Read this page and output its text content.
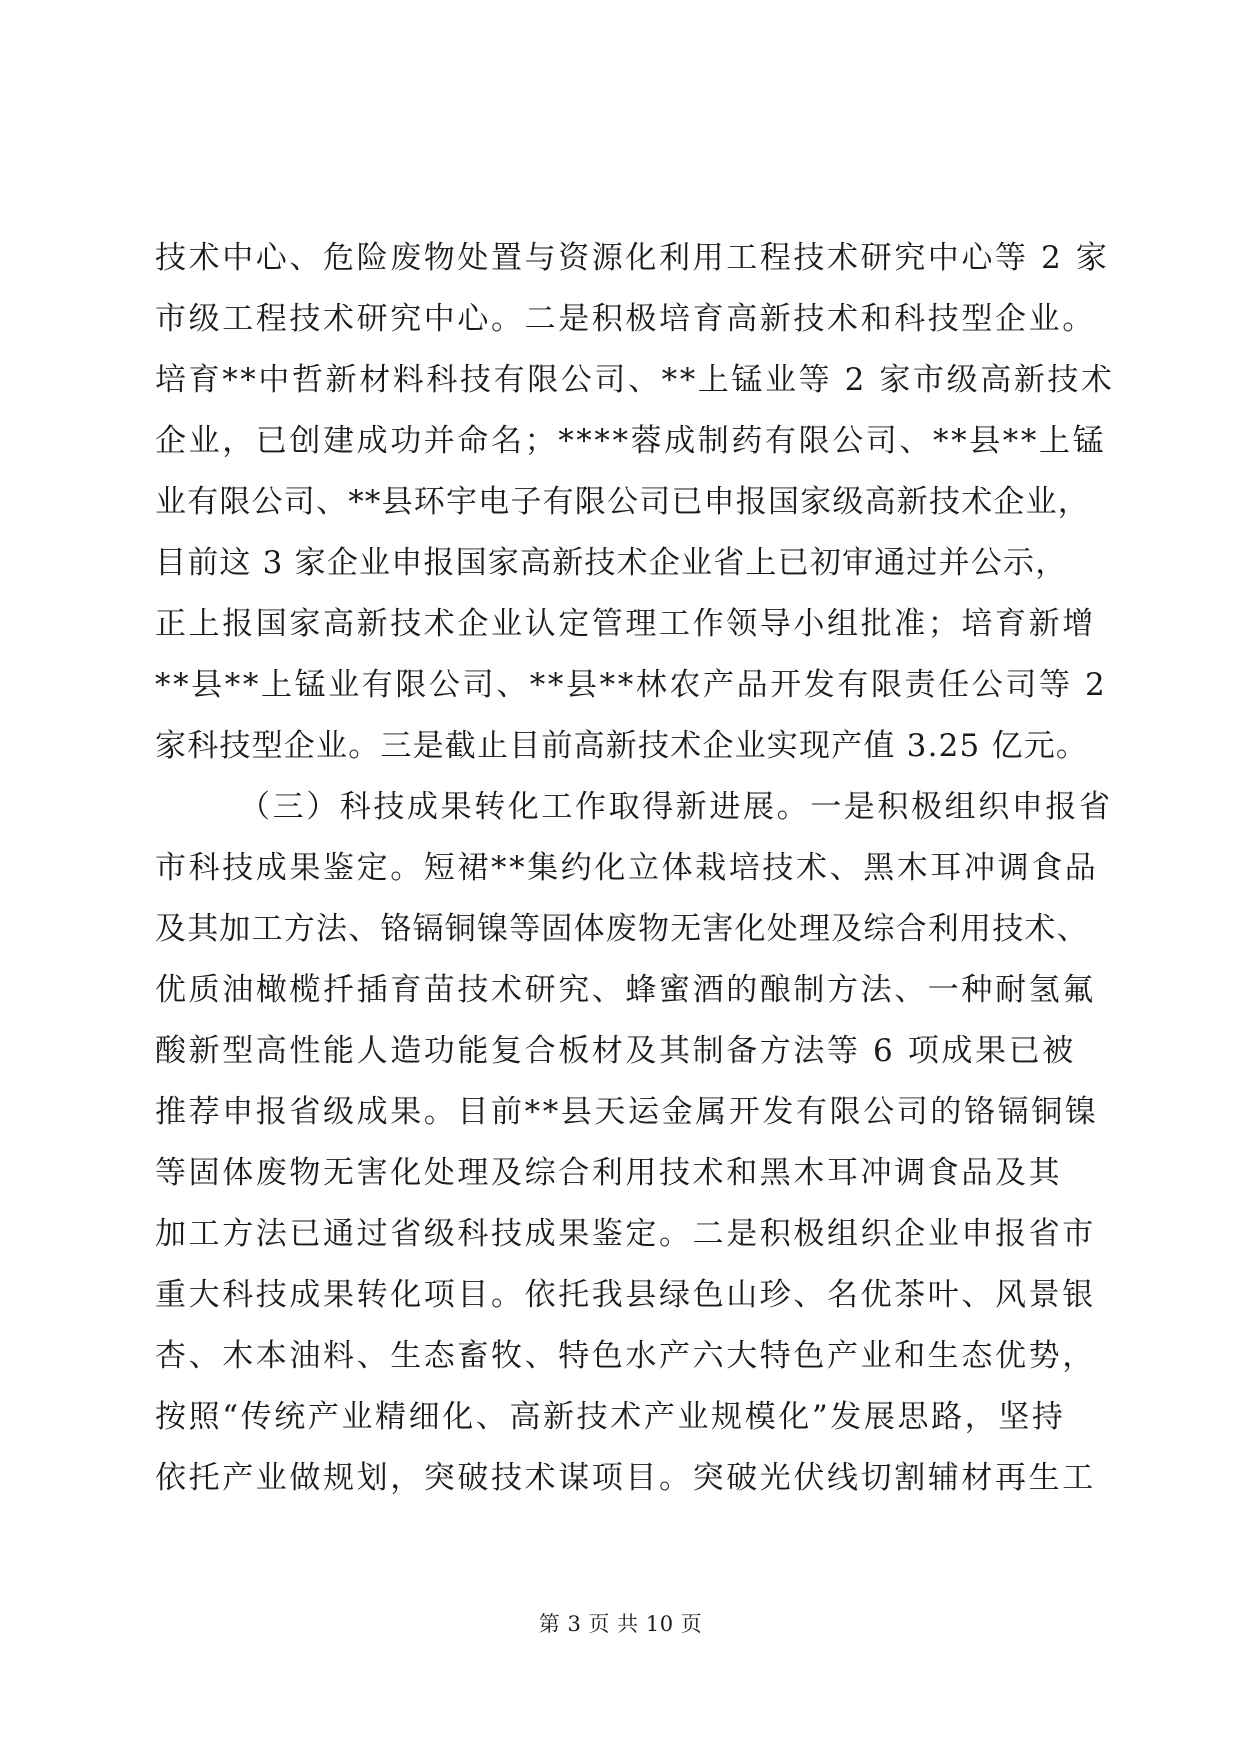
技术中心、危险废物处置与资源化利用工程技术研究中心等 2 家
市级工程技术研究中心。二是积极培育高新技术和科技型企业。
培育**中哲新材料科技有限公司、**上锰业等 2 家市级高新技术
企业，已创建成功并命名；****蓉成制药有限公司、**县**上锰
业有限公司、**县环宇电子有限公司已申报国家级高新技术企业，
目前这 3 家企业申报国家高新技术企业省上已初审通过并公示，
正上报国家高新技术企业认定管理工作领导小组批准；培育新增
**县**上锰业有限公司、**县**林农产品开发有限责任公司等 2
家科技型企业。三是截止目前高新技术企业实现产值 3.25 亿元。
（三）科技成果转化工作取得新进展。一是积极组织申报省
市科技成果鉴定。短裙**集约化立体栽培技术、黑木耳冲调食品
及其加工方法、铬镉铜镍等固体废物无害化处理及综合利用技术、
优质油橄榄扦插育苗技术研究、蜂蜜酒的酿制方法、一种耐氢氟
酸新型高性能人造功能复合板材及其制备方法等 6 项成果已被
推荐申报省级成果。目前**县天运金属开发有限公司的铬镉铜镍
等固体废物无害化处理及综合利用技术和黑木耳冲调食品及其
加工方法已通过省级科技成果鉴定。二是积极组织企业申报省市
重大科技成果转化项目。依托我县绿色山珍、名优茶叶、风景银
杏、木本油料、生态畜牧、特色水产六大特色产业和生态优势，
按照“传统产业精细化、高新技术产业规模化”发展思路，坚持
依托产业做规划，突破技术谋项目。突破光伏线切割辅材再生工
第 3 页 共 10 页
